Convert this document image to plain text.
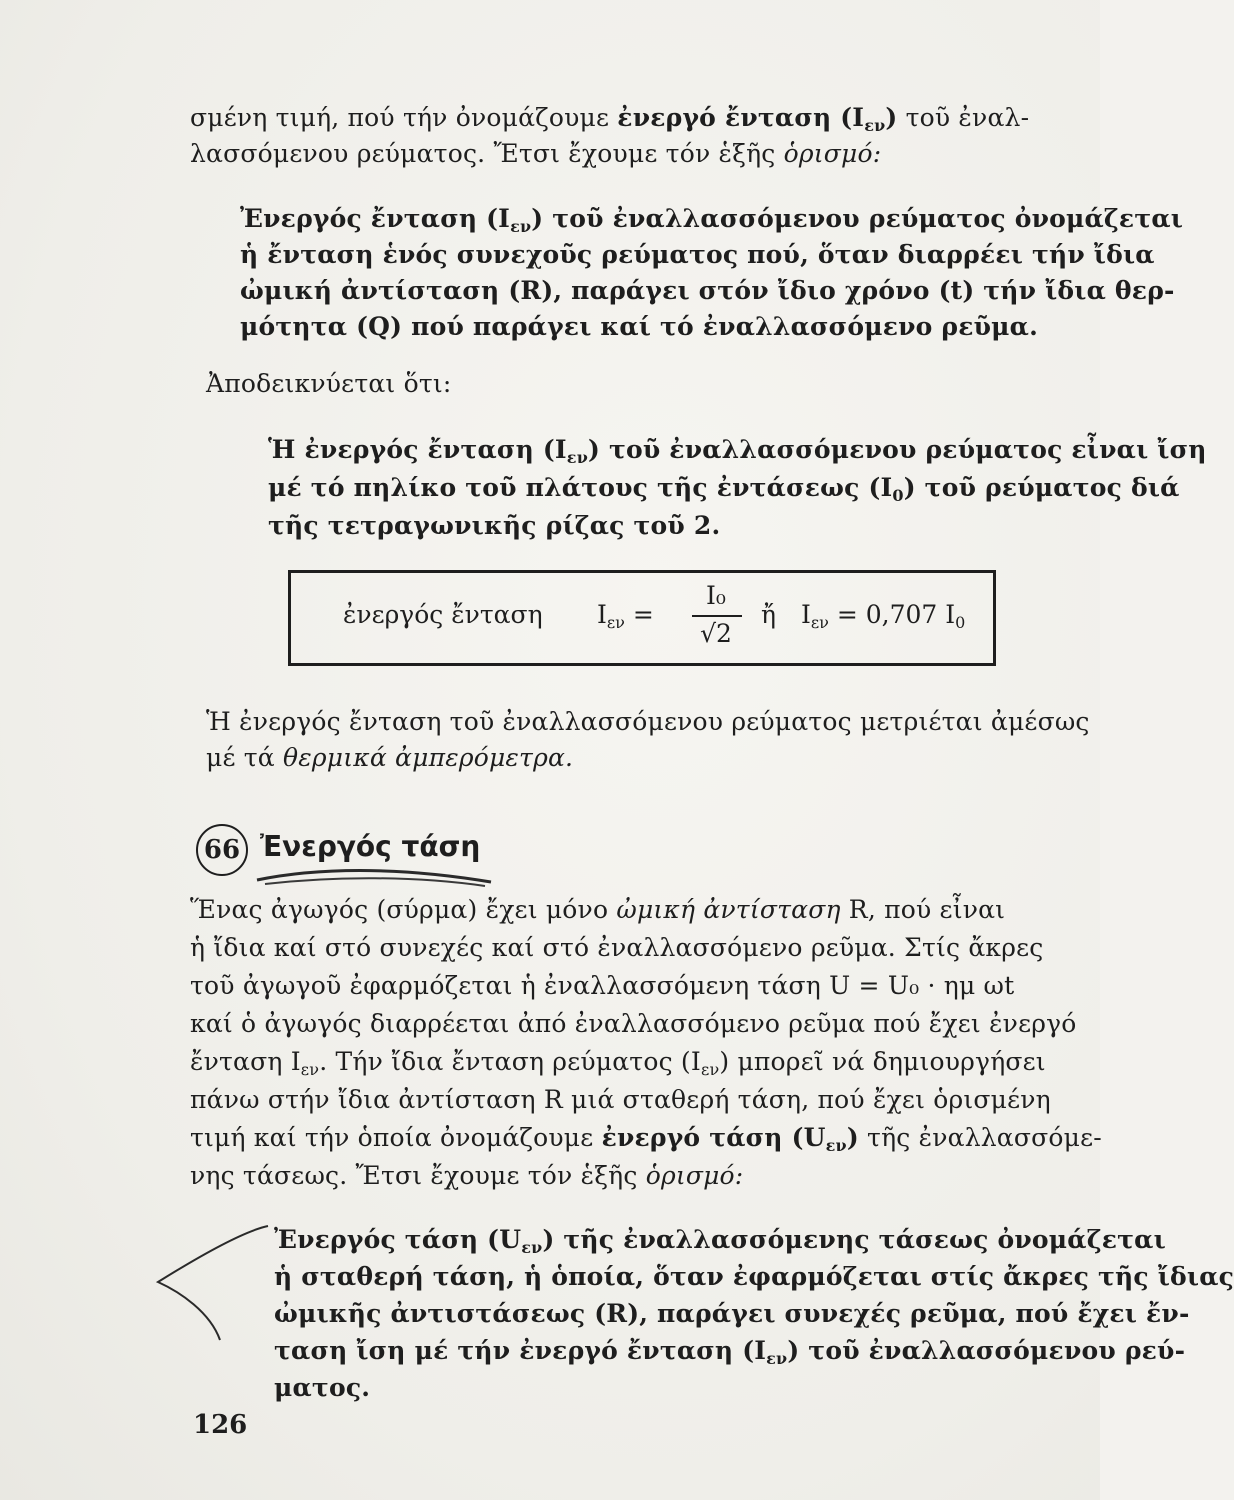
σμένη τιμή, πού τήν ὀνομάζουμε ἐνεργό ἔνταση $(I_{\varepsilon\nu})$ τοῦ ἐναλ-
λασσόμενου ρεύματος. Ἔτσι ἔχουμε τόν ἑξῆς ὁρισμό:
Ἐνεργός ἔνταση $(I_{\varepsilon\nu})$ τοῦ ἐναλλασσόμενου ρεύματος ὀνομάζεται
ἡ ἔνταση ἑνός συνεχοῦς ρεύματος πού, ὅταν διαρρέει τήν ἴδια
ὠμική ἀντίσταση (R), παράγει στόν ἴδιο χρόνο (t) τήν ἴδια θερ-
μότητα (Q) πού παράγει καί τό ἐναλλασσόμενο ρεῦμα.
Ἀποδεικνύεται ὅτι:
Ἡ ἐνεργός ἔνταση $(I_{\varepsilon\nu})$ τοῦ ἐναλλασσόμενου ρεύματος εἶναι ἴση
μέ τό πηλίκο τοῦ πλάτους τῆς ἐντάσεως $(I_0)$ τοῦ ρεύματος διά
τῆς τετραγωνικῆς ρίζας τοῦ 2.
ἐνεργός ἔνταση $I_{\varepsilon\nu}$ =
I₀
√2
ἤ $I_{\varepsilon\nu} = 0,707$ $I_0$
Ἡ ἐνεργός ἔνταση τοῦ ἐναλλασσόμενου ρεύματος μετριέται ἀμέσως
μέ τά θερμικά ἀμπερόμετρα.
66 Ἐνεργός τάση
Ἕνας ἀγωγός (σύρμα) ἔχει μόνο ὠμική ἀντίσταση R, πού εἶναι
ἡ ἴδια καί στό συνεχές καί στό ἐναλλασσόμενο ρεῦμα. Στίς ἄκρες
τοῦ ἀγωγοῦ ἐφαρμόζεται ἡ ἐναλλασσόμενη τάση U = U₀ · ημ ωt
καί ὁ ἀγωγός διαρρέεται ἀπό ἐναλλασσόμενο ρεῦμα πού ἔχει ἐνεργό
ἔνταση $I_{\varepsilon\nu}$. Τήν ἴδια ἔνταση ρεύματος $(I_{\varepsilon\nu})$ μπορεῖ νά δημιουργήσει
πάνω στήν ἴδια ἀντίσταση R μιά σταθερή τάση, πού ἔχει ὁρισμένη
τιμή καί τήν ὁποία ὀνομάζουμε ἐνεργό τάση $(U_{\varepsilon\nu})$ τῆς ἐναλλασσόμε-
νης τάσεως. Ἔτσι ἔχουμε τόν ἑξῆς ὁρισμό:
Ἐνεργός τάση $(U_{\varepsilon\nu})$ τῆς ἐναλλασσόμενης τάσεως ὀνομάζεται
ἡ σταθερή τάση, ἡ ὁποία, ὅταν ἐφαρμόζεται στίς ἄκρες τῆς ἴδιας
ὠμικῆς ἀντιστάσεως (R), παράγει συνεχές ρεῦμα, πού ἔχει ἔν-
ταση ἴση μέ τήν ἐνεργό ἔνταση $(I_{\varepsilon\nu})$ τοῦ ἐναλλασσόμενου ρεύ-
ματος.
126
